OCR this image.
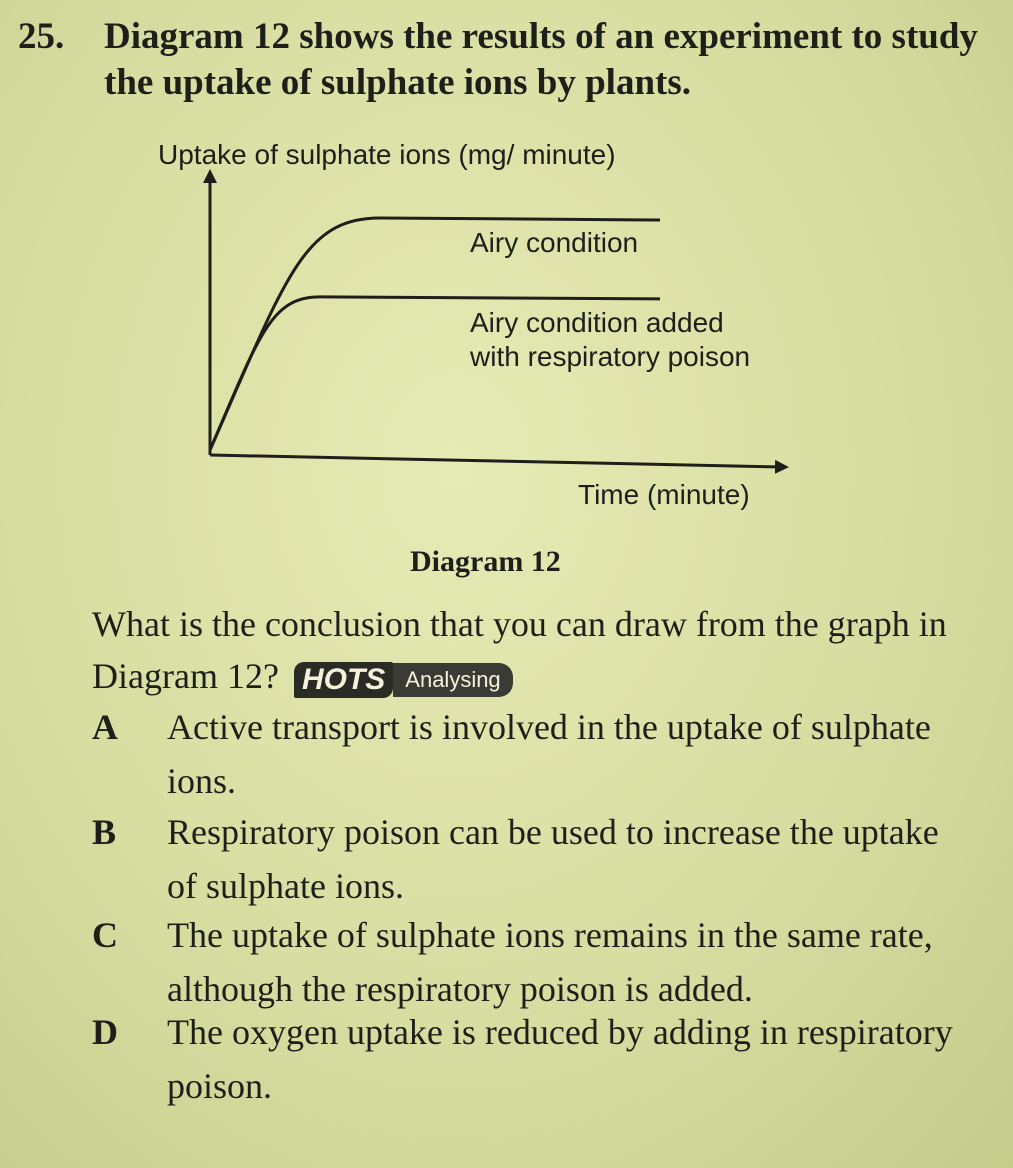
25. Diagram 12 shows the results of an experiment to study the uptake of sulphate ions by plants.
Uptake of sulphate ions (mg/ minute)
Airy condition
Airy condition added
with respiratory poison
Time (minute)
Diagram 12
What is the conclusion that you can draw from the graph in Diagram 12? HOTS Analysing
A Active transport is involved in the uptake of sulphate ions.
B Respiratory poison can be used to increase the uptake of sulphate ions.
C The uptake of sulphate ions remains in the same rate, although the respiratory poison is added.
D The oxygen uptake is reduced by adding in respiratory poison.
